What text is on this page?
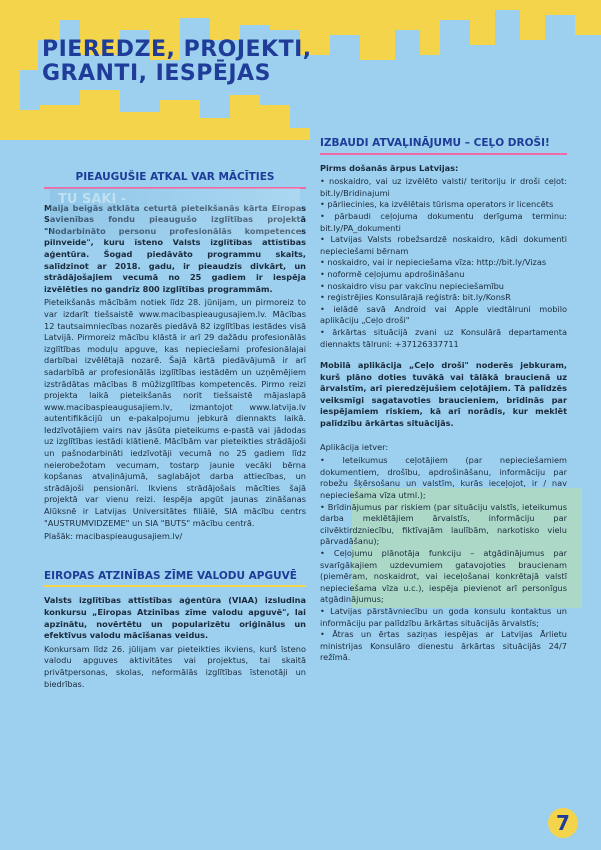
PIEREDZE, PROJEKTI, GRANTI, IESPĒJAS
PIEAUGUŠIE ATKAL VAR MĀCĪTIES

Maija beigās atklāta ceturtā pieteikšanās kārta Eiropas Savienības fondu pieaugušo izglītības projektā "Nodarbināto personu profesionālās kompetences pilnveide", kuru īsteno Valsts izglītības attīstības aģentūra. Šogad piedāvāto programmu skaits, salīdzinot ar 2018. gadu, ir pieaudzis divkārt, un strādājošajiem vecumā no 25 gadiem ir iespēja izvēlēties no gandrīz 800 izglītības programmām.

Pieteikšanās mācībām notiek līdz 28. jūnijam, un pirmoreiz to var izdarīt tiešsaistē www.macibaspieaugusajiem.lv. Mācības 12 tautsaimniecības nozarēs piedāvā 82 izglītības iestādes visā Latvijā. Pirmoreiz mācību klāstā ir arī 29 dažādu profesionālās izglītības moduļu apguve, kas nepieciešami profesionālajai darbībai izvēlētajā nozarē. Šajā kārtā piedāvājumā ir arī sadarbībā ar profesionālās izglītības iestādēm un uzņēmējiem izstrādātas mācības 8 mūžizglītības kompetencēs. Pirmo reizi projekta laikā pieteikšanās norit tiešsaistē mājaslapā www.macibaspieaugusajiem.lv, izmantojot www.latvija.lv autentifikācijū un e-pakalpojumu jebkurā diennakts laikā. Iedzīvotājiem vairs nav jāsūta pieteikums e-pastā vai jādodas uz izglītības iestādi klātienē. Mācībām var pieteikties strādājoši un pašnodarbināti iedzīvotāji vecumā no 25 gadiem līdz neierobežotam vecumam, tostarp jaunie vecāki bērna kopšanas atvaļinājumā, saglabājot darba attiecības, un strādājoši pensionāri. Ikviens strādājošais mācīties šajā projektā var vienu reizi. Iespēja apgūt jaunas zināšanas Alūksnē ir Latvijas Universitātes filiālē, SIA mācību centrs "AUSTRUMVIDZEME" un SIA "BUTS" mācību centrā.

Plašāk: macibaspieaugusajiem.lv/

EIROPAS ATZINĪBAS ZĪME VALODU APGUVĒ

Valsts izglītības attīstības aģentūra (VIAA) izsludina konkursu „Eiropas Atzinības zīme valodu apguvē", lai apzinātu, novērtētu un popularizētu oriģinālus un efektīvus valodu mācīšanas veidus.

Konkursam līdz 26. jūlijam var pieteikties ikviens, kurš īsteno valodu apguves aktivitātes vai projektus, tai skaitā privātpersonas, skolas, neformālās izglītības īstenotāji un biedrības.

TU SAKI -
IZBAUDI ATVAĻINĀJUMU – CEĻO DROŠI!

Pirms došanās ārpus Latvijas:

• noskaidro, vai uz izvēlēto valsti/ teritoriju ir droši ceļot: bit.ly/Bridinajumi

• pārliecinies, ka izvēlētais tūrisma operators ir licencēts

• pārbaudi ceļojuma dokumentu derīguma terminu: bit.ly/PA_dokumenti

• Latvijas Valsts robežsardzē noskaidro, kādi dokumenti nepieciešami bērnam

• noskaidro, vai ir nepieciešama vīza: http://bit.ly/Vizas

• noformē ceļojumu apdrošināšanu

• noskaidro visu par vakcīnu nepieciešamību

• reģistrējies Konsulārajā reģistrā: bit.ly/KonsR

• ielādē savā Android vai Apple viedtālruni mobilo aplikāciju „Ceļo droši"

• ārkārtas situācijā zvani uz Konsulārā departamenta diennakts tālruni: +37126337711

Mobilā aplikācija „Ceļo droši" noderēs jebkuram, kurš plāno doties tuvākā vai tālākā braucienā uz ārvalstīm, arī pieredzējušiem ceļotājiem. Tā palīdzēs veiksmīgi sagatavoties braucieniem, brīdinās par iespējamiem riskiem, kā arī norādīs, kur meklēt palīdzību ārkārtas situācijās.

Aplikācija ietver:

• Ieteikumus ceļotājiem (par nepieciešamiem dokumentiem, drošību, apdrošināšanu, informāciju par robežu šķērsošanu un valstīm, kurās ieceļojot, ir / nav nepieciešama vīza utml.);

• Brīdinājumus par riskiem (par situāciju valstīs, ieteikumus darba meklētājiem ārvalstīs, informāciju par cilvēktirdzniecību, fiktīvajām laulībām, narkotisko vielu pārvadāšanu);

• Ceļojumu plānotāja funkciju – atgādinājumus par svarīgākajiem uzdevumiem gatavojoties braucienam (piemēram, noskaidrot, vai ieceļošanai konkrētajā valstī nepieciešama vīza u.c.), iespēja pievienot arī personīgus atgādinājumus;

• Latvijas pārstāvniecību un goda konsulu kontaktus un informāciju par palīdzību ārkārtas situācijās ārvalstīs;

• Ātras un ērtas saziņas iespējas ar Latvijas Ārlietu ministrijas Konsulāro dienestu ārkārtas situācijās 24/7 režīmā.

7
